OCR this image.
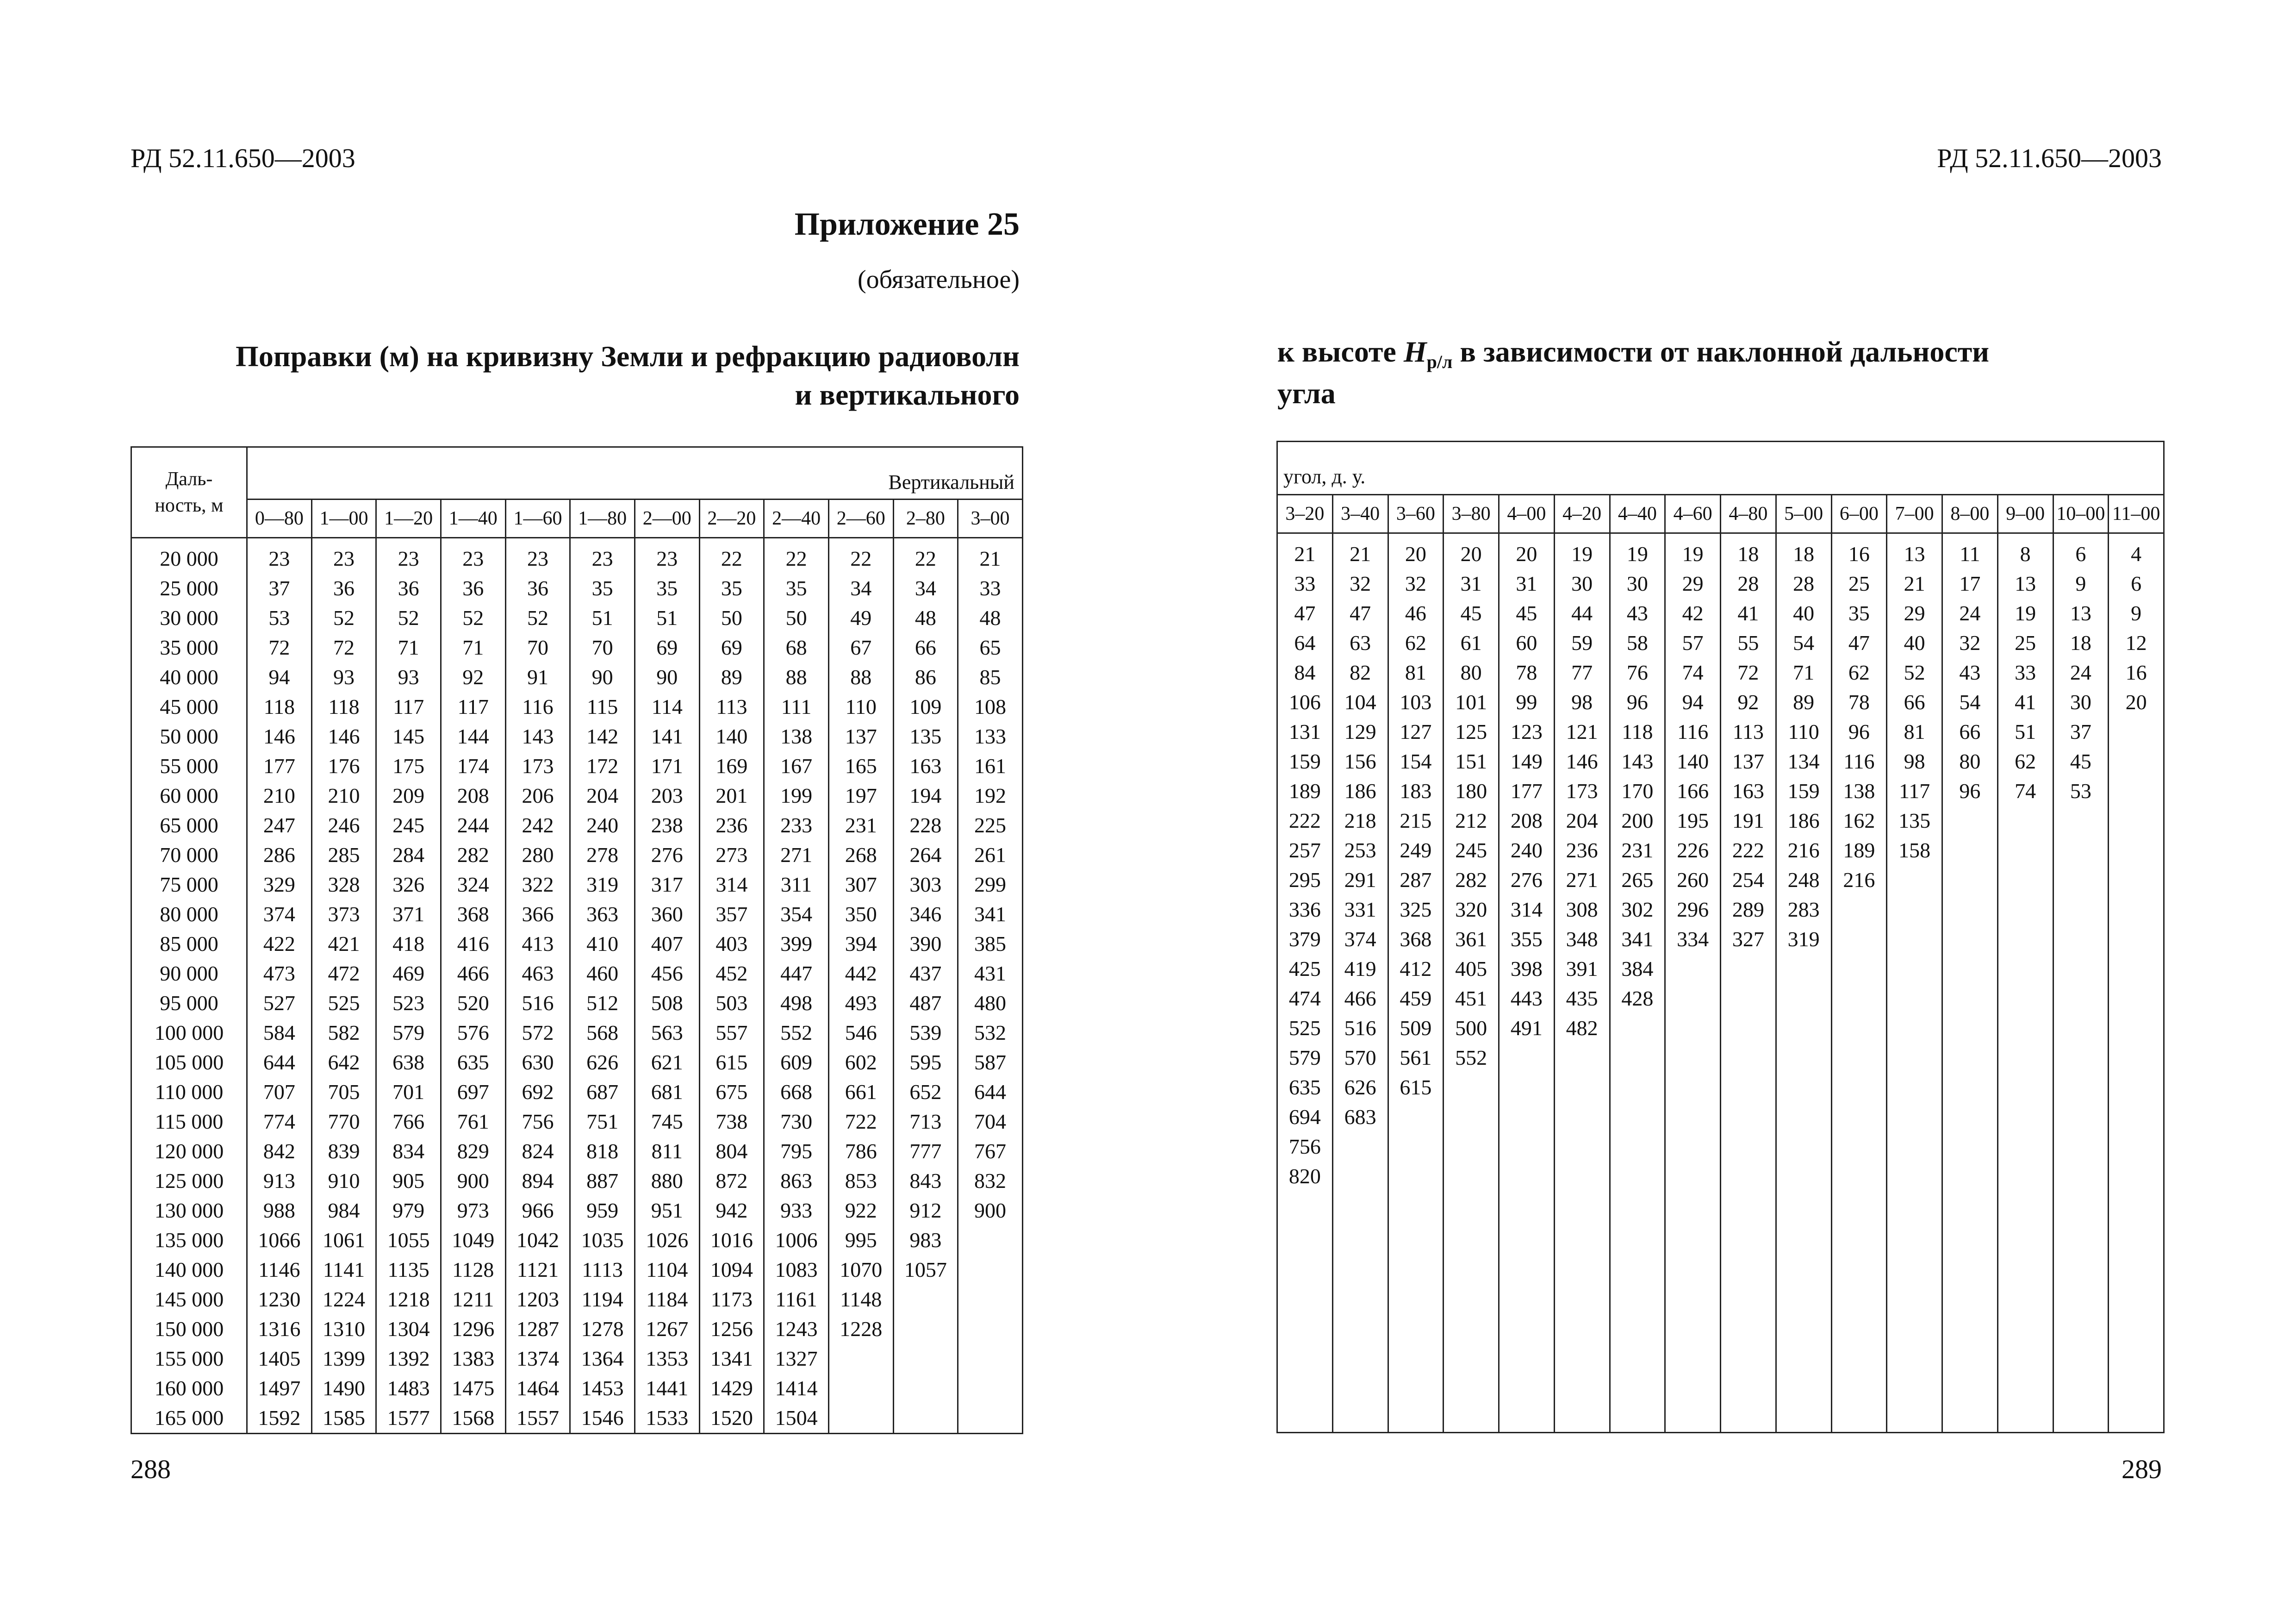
РД 52.11.650—2003
Приложение 25
(обязательное)
Поправки (м) на кривизну Земли и рефракцию радиоволн
и вертикального
Даль-
ность, м	Вертикальный											
	0—80	1—00	1—20	1—40	1—60	1—80	2—00	2—20	2—40	2—60	2–80	3–00
20 000	23	23	23	23	23	23	23	22	22	22	22	21
25 000	37	36	36	36	36	35	35	35	35	34	34	33
30 000	53	52	52	52	52	51	51	50	50	49	48	48
35 000	72	72	71	71	70	70	69	69	68	67	66	65
40 000	94	93	93	92	91	90	90	89	88	88	86	85
45 000	118	118	117	117	116	115	114	113	111	110	109	108
50 000	146	146	145	144	143	142	141	140	138	137	135	133
55 000	177	176	175	174	173	172	171	169	167	165	163	161
60 000	210	210	209	208	206	204	203	201	199	197	194	192
65 000	247	246	245	244	242	240	238	236	233	231	228	225
70 000	286	285	284	282	280	278	276	273	271	268	264	261
75 000	329	328	326	324	322	319	317	314	311	307	303	299
80 000	374	373	371	368	366	363	360	357	354	350	346	341
85 000	422	421	418	416	413	410	407	403	399	394	390	385
90 000	473	472	469	466	463	460	456	452	447	442	437	431
95 000	527	525	523	520	516	512	508	503	498	493	487	480
100 000	584	582	579	576	572	568	563	557	552	546	539	532
105 000	644	642	638	635	630	626	621	615	609	602	595	587
110 000	707	705	701	697	692	687	681	675	668	661	652	644
115 000	774	770	766	761	756	751	745	738	730	722	713	704
120 000	842	839	834	829	824	818	811	804	795	786	777	767
125 000	913	910	905	900	894	887	880	872	863	853	843	832
130 000	988	984	979	973	966	959	951	942	933	922	912	900
135 000	1066	1061	1055	1049	1042	1035	1026	1016	1006	995	983	
140 000	1146	1141	1135	1128	1121	1113	1104	1094	1083	1070	1057	
145 000	1230	1224	1218	1211	1203	1194	1184	1173	1161	1148		
150 000	1316	1310	1304	1296	1287	1278	1267	1256	1243	1228		
155 000	1405	1399	1392	1383	1374	1364	1353	1341	1327			
160 000	1497	1490	1483	1475	1464	1453	1441	1429	1414			
165 000	1592	1585	1577	1568	1557	1546	1533	1520	1504			
288
РД 52.11.650—2003
к высоте $H_{р/л}$ в зависимости от наклонной дальности
угла
угол, д. у.															
3–20	3–40	3–60	3–80	4–00	4–20	4–40	4–60	4–80	5–00	6–00	7–00	8–00	9–00	10–00	11–00
21	21	20	20	20	19	19	19	18	18	16	13	11	8	6	4
33	32	32	31	31	30	30	29	28	28	25	21	17	13	9	6
47	47	46	45	45	44	43	42	41	40	35	29	24	19	13	9
64	63	62	61	60	59	58	57	55	54	47	40	32	25	18	12
84	82	81	80	78	77	76	74	72	71	62	52	43	33	24	16
106	104	103	101	99	98	96	94	92	89	78	66	54	41	30	20
131	129	127	125	123	121	118	116	113	110	96	81	66	51	37	
159	156	154	151	149	146	143	140	137	134	116	98	80	62	45	
189	186	183	180	177	173	170	166	163	159	138	117	96	74	53	
222	218	215	212	208	204	200	195	191	186	162	135				
257	253	249	245	240	236	231	226	222	216	189	158				
295	291	287	282	276	271	265	260	254	248	216					
336	331	325	320	314	308	302	296	289	283						
379	374	368	361	355	348	341	334	327	319						
425	419	412	405	398	391	384									
474	466	459	451	443	435	428									
525	516	509	500	491	482										
579	570	561	552												
635	626	615													
694	683														
756															
820															

289
